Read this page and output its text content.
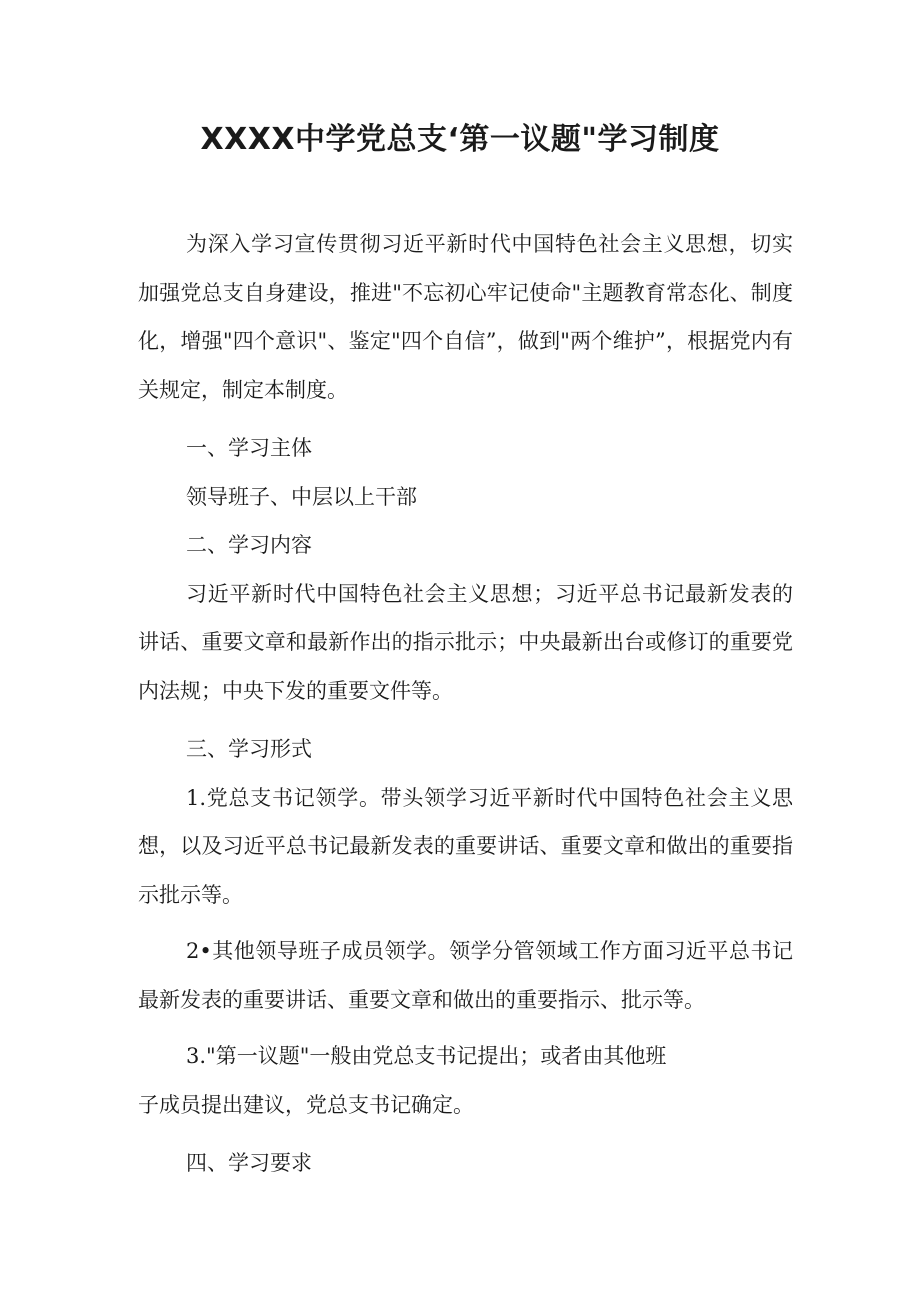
XXXX中学党总支‘第一议题"学习制度

为深入学习宣传贯彻习近平新时代中国特色社会主义思想，切实加强党总支自身建设，推进"不忘初心牢记使命"主题教育常态化、制度化，增强"四个意识"、鉴定"四个自信”，做到"两个维护”，根据党内有关规定，制定本制度。

一、学习主体

领导班子、中层以上干部

二、学习内容

习近平新时代中国特色社会主义思想；习近平总书记最新发表的讲话、重要文章和最新作出的指示批示；中央最新出台或修订的重要党内法规；中央下发的重要文件等。

三、学习形式

1.党总支书记领学。带头领学习近平新时代中国特色社会主义思想，以及习近平总书记最新发表的重要讲话、重要文章和做出的重要指示批示等。

2•其他领导班子成员领学。领学分管领域工作方面习近平总书记最新发表的重要讲话、重要文章和做出的重要指示、批示等。

3."第一议题"一般由党总支书记提出；或者由其他班

子成员提出建议，党总支书记确定。

四、学习要求
